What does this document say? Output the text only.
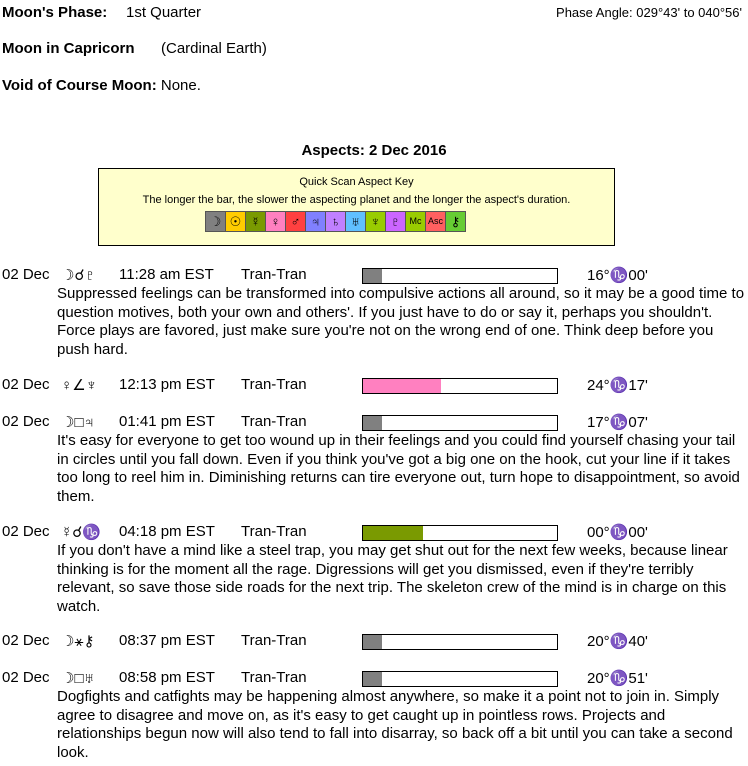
Moon's Phase: 1st Quarter	Phase Angle: 029°43' to 040°56'
Moon in Capricorn (Cardinal Earth)
Void of Course Moon: None.
Aspects: 2 Dec 2016
Quick Scan Aspect Key
The longer the bar, the slower the aspecting planet and the longer the aspect's duration.
☽ ☉ ☿ ♀ ♂ ♃ ♄ ♅ ♆ ♇	Mc Asc ⚷
02 Dec ☽☌♇ 11:28 am EST Tran-Tran	16°♑00'
Suppressed feelings can be transformed into compulsive actions all around, so it may be a good time to question motives, both your own and others'. If you just have to do or say it, perhaps you shouldn't. Force plays are favored, just make sure you're not on the wrong end of one. Think deep before you push hard.
02 Dec ♀∠♆ 12:13 pm EST Tran-Tran	24°♑17'
02 Dec ☽□♃ 01:41 pm EST Tran-Tran	17°♑07'
It's easy for everyone to get too wound up in their feelings and you could find yourself chasing your tail in circles until you fall down. Even if you think you've got a big one on the hook, cut your line if it takes too long to reel him in. Diminishing returns can tire everyone out, turn hope to disappointment, so avoid them.
02 Dec ☿☌♑ 04:18 pm EST Tran-Tran	00°♑00'
If you don't have a mind like a steel trap, you may get shut out for the next few weeks, because linear thinking is for the moment all the rage. Digressions will get you dismissed, even if they're terribly relevant, so save those side roads for the next trip. The skeleton crew of the mind is in charge on this watch.
02 Dec ☽⚹⚷ 08:37 pm EST Tran-Tran	20°♑40'
02 Dec ☽□♅ 08:58 pm EST Tran-Tran	20°♑51'
Dogfights and catfights may be happening almost anywhere, so make it a point not to join in. Simply agree to disagree and move on, as it's easy to get caught up in pointless rows. Projects and relationships begun now will also tend to fall into disarray, so back off a bit until you can take a second look.
